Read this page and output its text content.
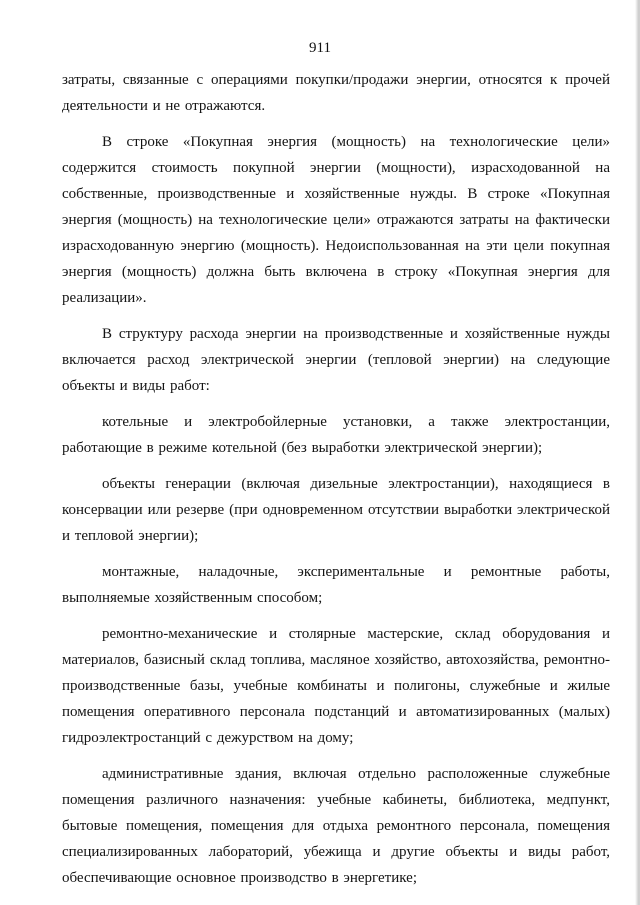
911

затраты, связанные с операциями покупки/продажи энергии, относятся к прочей деятельности и не отражаются.

В строке «Покупная энергия (мощность) на технологические цели» содержится стоимость покупной энергии (мощности), израсходованной на собственные, производственные и хозяйственные нужды. В строке «Покупная энергия (мощность) на технологические цели» отражаются затраты на фактически израсходованную энергию (мощность). Недоиспользованная на эти цели покупная энергия (мощность) должна быть включена в строку «Покупная энергия для реализации».

В структуру расхода энергии на производственные и хозяйственные нужды включается расход электрической энергии (тепловой энергии) на следующие объекты и виды работ:

котельные и электробойлерные установки, а также электростанции, работающие в режиме котельной (без выработки электрической энергии);

объекты генерации (включая дизельные электростанции), находящиеся в консервации или резерве (при одновременном отсутствии выработки электрической и тепловой энергии);

монтажные, наладочные, экспериментальные и ремонтные работы, выполняемые хозяйственным способом;

ремонтно-механические и столярные мастерские, склад оборудования и материалов, базисный склад топлива, масляное хозяйство, автохозяйства, ремонтно-производственные базы, учебные комбинаты и полигоны, служебные и жилые помещения оперативного персонала подстанций и автоматизированных (малых) гидроэлектростанций с дежурством на дому;

административные здания, включая отдельно расположенные служебные помещения различного назначения: учебные кабинеты, библиотека, медпункт, бытовые помещения, помещения для отдыха ремонтного персонала, помещения специализированных лабораторий, убежища и другие объекты и виды работ, обеспечивающие основное производство в энергетике;
